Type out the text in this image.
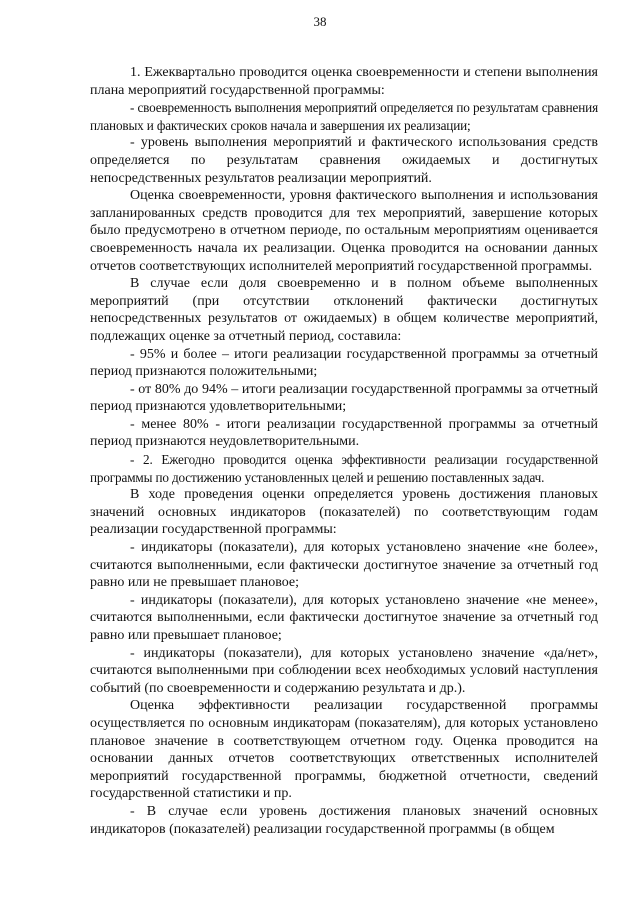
38

1. Ежеквартально проводится оценка своевременности и степени выполнения плана мероприятий государственной программы:

- своевременность выполнения мероприятий определяется по результатам сравнения плановых и фактических сроков начала и завершения их реализации;

- уровень выполнения мероприятий и фактического использования средств определяется по результатам сравнения ожидаемых и достигнутых непосредственных результатов реализации мероприятий.

Оценка своевременности, уровня фактического выполнения и использования запланированных средств проводится для тех мероприятий, завершение которых было предусмотрено в отчетном периоде, по остальным мероприятиям оценивается своевременность начала их реализации. Оценка проводится на основании данных отчетов соответствующих исполнителей мероприятий государственной программы.

В случае если доля своевременно и в полном объеме выполненных мероприятий (при отсутствии отклонений фактически достигнутых непосредственных результатов от ожидаемых) в общем количестве мероприятий, подлежащих оценке за отчетный период, составила:

- 95% и более – итоги реализации государственной программы за отчетный период признаются положительными;

- от 80% до 94% – итоги реализации государственной программы за отчетный период признаются удовлетворительными;

- менее 80% - итоги реализации государственной программы за отчетный период признаются неудовлетворительными.

- 2. Ежегодно проводится оценка эффективности реализации государственной программы по достижению установленных целей и решению поставленных задач.

В ходе проведения оценки определяется уровень достижения плановых значений основных индикаторов (показателей) по соответствующим годам реализации государственной программы:

- индикаторы (показатели), для которых установлено значение «не более», считаются выполненными, если фактически достигнутое значение за отчетный год равно или не превышает плановое;

- индикаторы (показатели), для которых установлено значение «не менее», считаются выполненными, если фактически достигнутое значение за отчетный год равно или превышает плановое;

- индикаторы (показатели), для которых установлено значение «да/нет», считаются выполненными при соблюдении всех необходимых условий наступления событий (по своевременности и содержанию результата и др.).

Оценка эффективности реализации государственной программы осуществляется по основным индикаторам (показателям), для которых установлено плановое значение в соответствующем отчетном году. Оценка проводится на основании данных отчетов соответствующих ответственных исполнителей мероприятий государственной программы, бюджетной отчетности, сведений государственной статистики и пр.

- В случае если уровень достижения плановых значений основных индикаторов (показателей) реализации государственной программы (в общем
